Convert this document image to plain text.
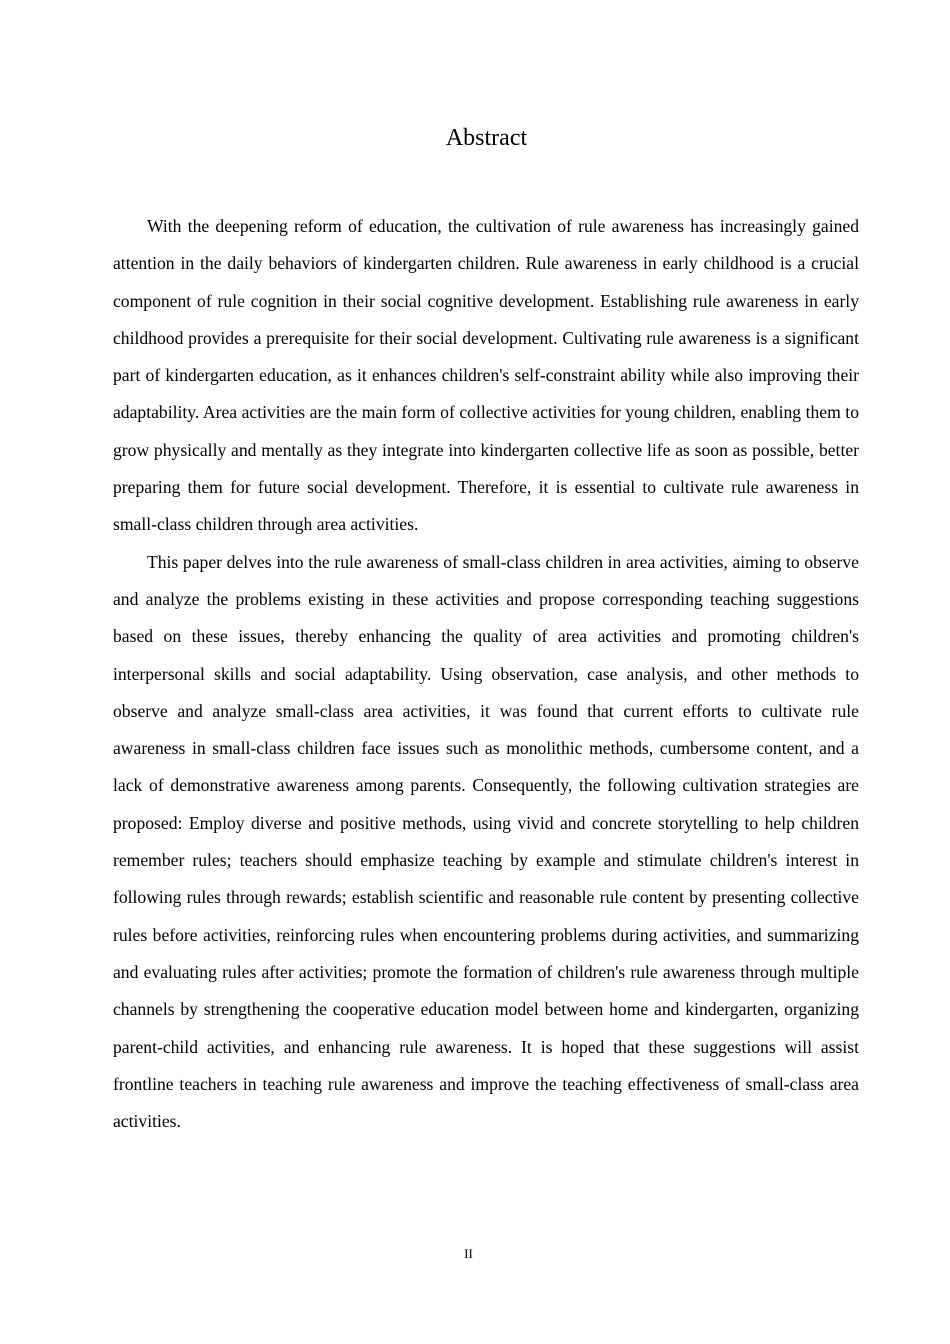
Abstract

With the deepening reform of education, the cultivation of rule awareness has increasingly gained attention in the daily behaviors of kindergarten children. Rule awareness in early childhood is a crucial component of rule cognition in their social cognitive development. Establishing rule awareness in early childhood provides a prerequisite for their social development. Cultivating rule awareness is a significant part of kindergarten education, as it enhances children's self-constraint ability while also improving their adaptability. Area activities are the main form of collective activities for young children, enabling them to grow physically and mentally as they integrate into kindergarten collective life as soon as possible, better preparing them for future social development. Therefore, it is essential to cultivate rule awareness in small-class children through area activities.

This paper delves into the rule awareness of small-class children in area activities, aiming to observe and analyze the problems existing in these activities and propose corresponding teaching suggestions based on these issues, thereby enhancing the quality of area activities and promoting children's interpersonal skills and social adaptability. Using observation, case analysis, and other methods to observe and analyze small-class area activities, it was found that current efforts to cultivate rule awareness in small-class children face issues such as monolithic methods, cumbersome content, and a lack of demonstrative awareness among parents. Consequently, the following cultivation strategies are proposed: Employ diverse and positive methods, using vivid and concrete storytelling to help children remember rules; teachers should emphasize teaching by example and stimulate children's interest in following rules through rewards; establish scientific and reasonable rule content by presenting collective rules before activities, reinforcing rules when encountering problems during activities, and summarizing and evaluating rules after activities; promote the formation of children's rule awareness through multiple channels by strengthening the cooperative education model between home and kindergarten, organizing parent-child activities, and enhancing rule awareness. It is hoped that these suggestions will assist frontline teachers in teaching rule awareness and improve the teaching effectiveness of small-class area activities.

II
